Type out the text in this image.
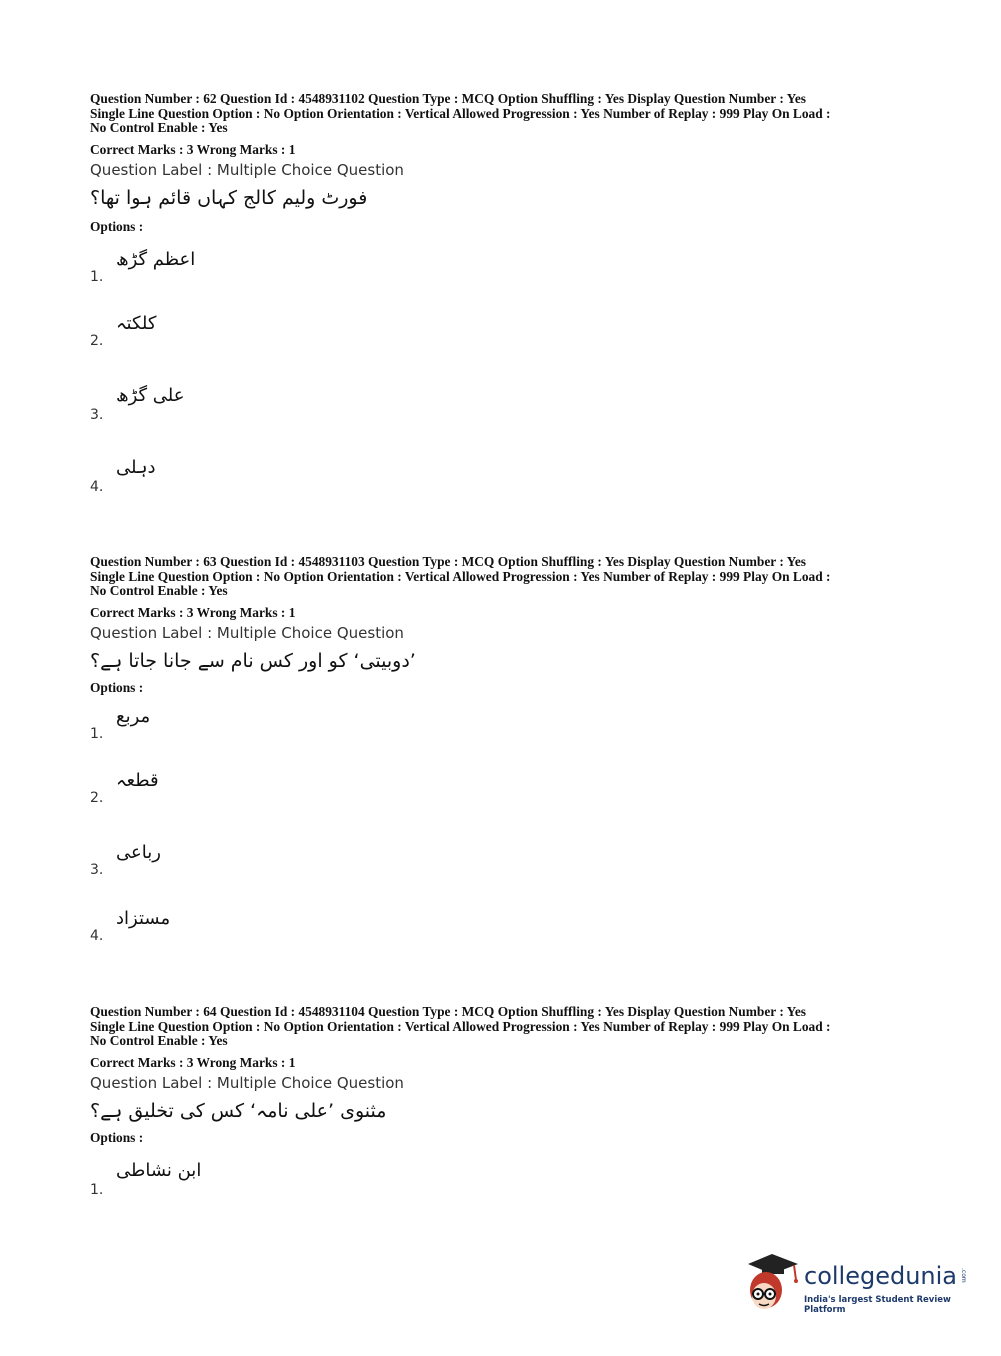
Question Number : 62 Question Id : 4548931102 Question Type : MCQ Option Shuffling : Yes Display Question Number : Yes
Single Line Question Option : No Option Orientation : Vertical Allowed Progression : Yes Number of Replay : 999 Play On Load :
No Control Enable : Yes
Correct Marks : 3 Wrong Marks : 1
Question Label : Multiple Choice Question
فورٹ ولیم کالج کہاں قائم ہوا تھا؟
Options :
1.
اعظم گڑھ
2.
کلکتہ
3.
علی گڑھ
4.
دہلی
Question Number : 63 Question Id : 4548931103 Question Type : MCQ Option Shuffling : Yes Display Question Number : Yes
Single Line Question Option : No Option Orientation : Vertical Allowed Progression : Yes Number of Replay : 999 Play On Load :
No Control Enable : Yes
Correct Marks : 3 Wrong Marks : 1
Question Label : Multiple Choice Question
’دوبیتی‘ کو اور کس نام سے جانا جاتا ہے؟
Options :
1.
مربع
2.
قطعہ
3.
رباعی
4.
مستزاد
Question Number : 64 Question Id : 4548931104 Question Type : MCQ Option Shuffling : Yes Display Question Number : Yes
Single Line Question Option : No Option Orientation : Vertical Allowed Progression : Yes Number of Replay : 999 Play On Load :
No Control Enable : Yes
Correct Marks : 3 Wrong Marks : 1
Question Label : Multiple Choice Question
مثنوی ’علی نامہ‘ کس کی تخلیق ہے؟
Options :
1.
ابن نشاطی
collegedunia .com
India's largest Student Review Platform
